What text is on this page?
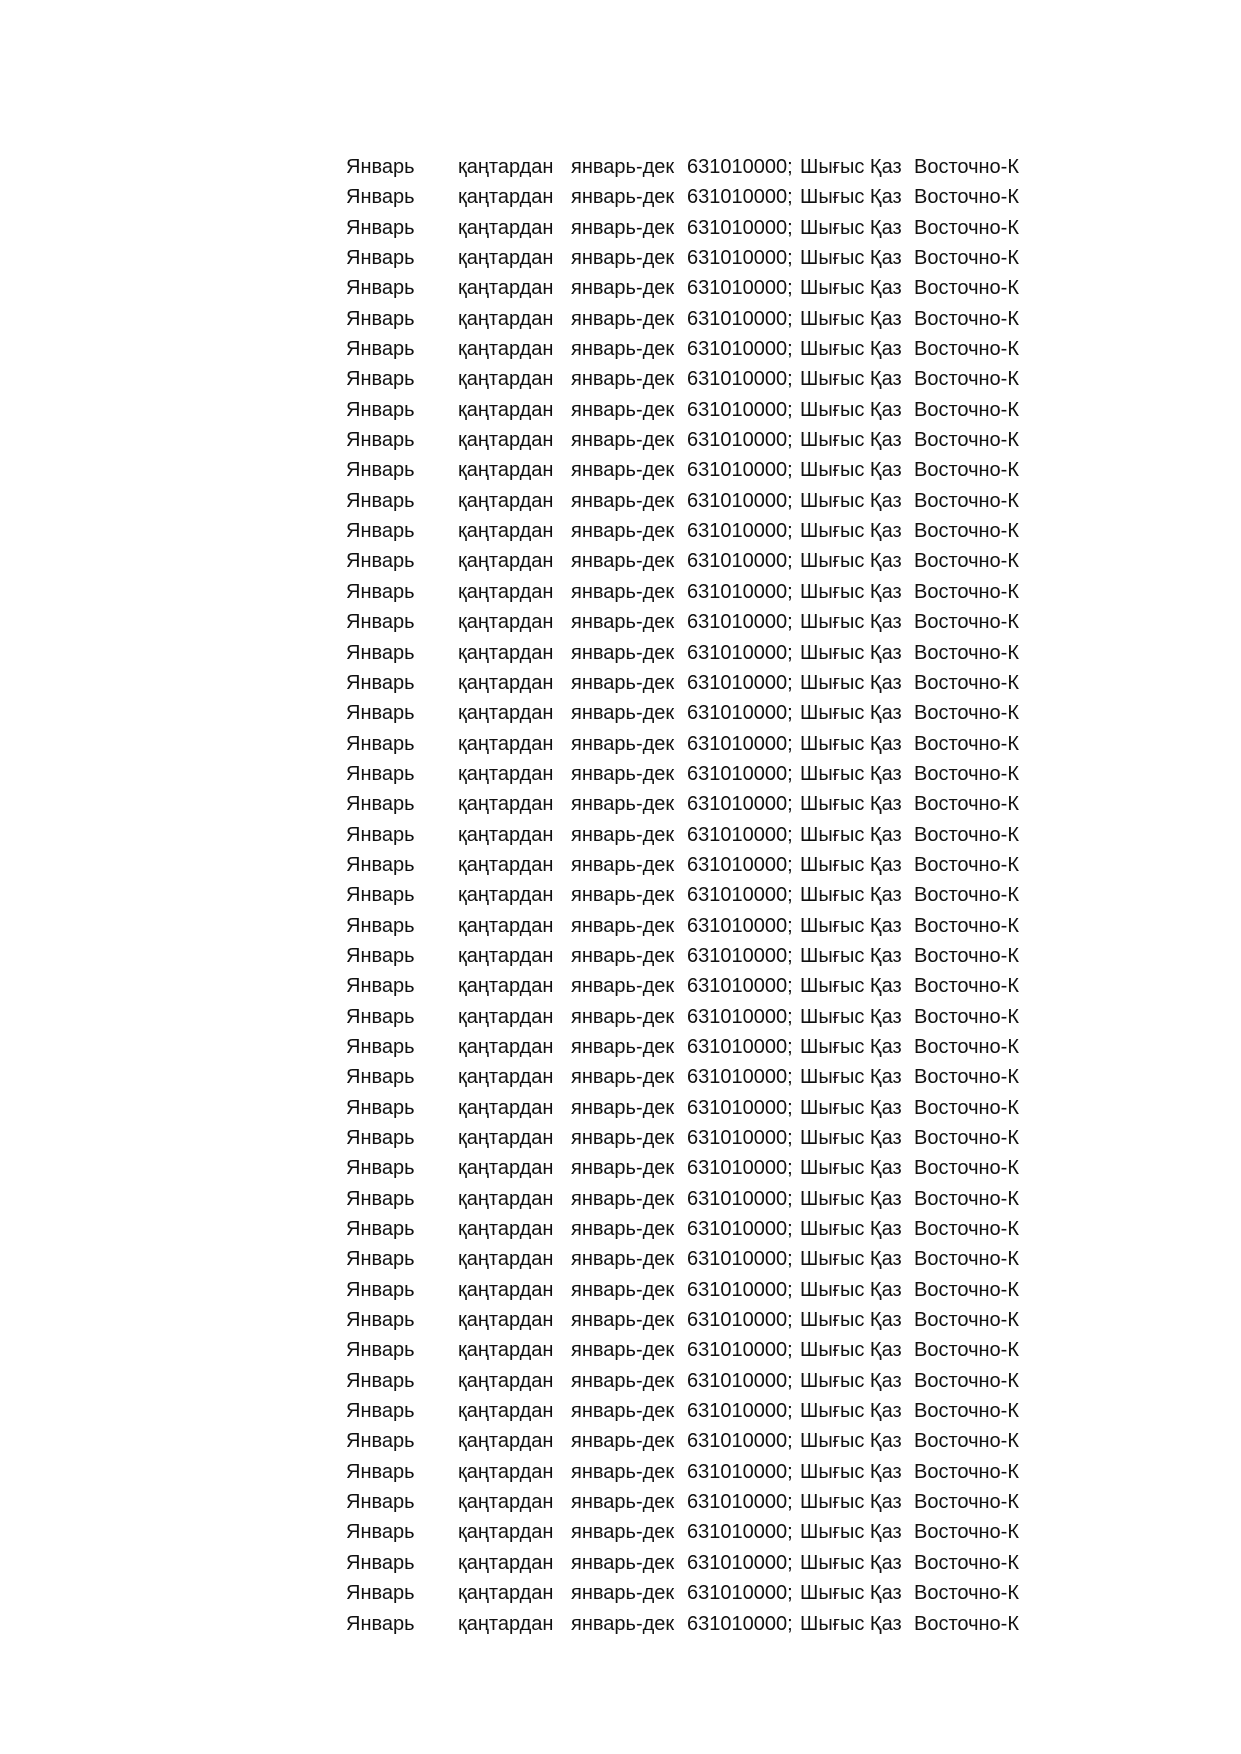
Январь	қаңтардан январь-дек 631010000; Шығыс Қаз Восточно-К
Январь	қаңтардан январь-дек 631010000; Шығыс Қаз Восточно-К
Январь	қаңтардан январь-дек 631010000; Шығыс Қаз Восточно-К
Январь	қаңтардан январь-дек 631010000; Шығыс Қаз Восточно-К
Январь	қаңтардан январь-дек 631010000; Шығыс Қаз Восточно-К
Январь	қаңтардан январь-дек 631010000; Шығыс Қаз Восточно-К
Январь	қаңтардан январь-дек 631010000; Шығыс Қаз Восточно-К
Январь	қаңтардан январь-дек 631010000; Шығыс Қаз Восточно-К
Январь	қаңтардан январь-дек 631010000; Шығыс Қаз Восточно-К
Январь	қаңтардан январь-дек 631010000; Шығыс Қаз Восточно-К
Январь	қаңтардан январь-дек 631010000; Шығыс Қаз Восточно-К
Январь	қаңтардан январь-дек 631010000; Шығыс Қаз Восточно-К
Январь	қаңтардан январь-дек 631010000; Шығыс Қаз Восточно-К
Январь	қаңтардан январь-дек 631010000; Шығыс Қаз Восточно-К
Январь	қаңтардан январь-дек 631010000; Шығыс Қаз Восточно-К
Январь	қаңтардан январь-дек 631010000; Шығыс Қаз Восточно-К
Январь	қаңтардан январь-дек 631010000; Шығыс Қаз Восточно-К
Январь	қаңтардан январь-дек 631010000; Шығыс Қаз Восточно-К
Январь	қаңтардан январь-дек 631010000; Шығыс Қаз Восточно-К
Январь	қаңтардан январь-дек 631010000; Шығыс Қаз Восточно-К
Январь	қаңтардан январь-дек 631010000; Шығыс Қаз Восточно-К
Январь	қаңтардан январь-дек 631010000; Шығыс Қаз Восточно-К
Январь	қаңтардан январь-дек 631010000; Шығыс Қаз Восточно-К
Январь	қаңтардан январь-дек 631010000; Шығыс Қаз Восточно-К
Январь	қаңтардан январь-дек 631010000; Шығыс Қаз Восточно-К
Январь	қаңтардан январь-дек 631010000; Шығыс Қаз Восточно-К
Январь	қаңтардан январь-дек 631010000; Шығыс Қаз Восточно-К
Январь	қаңтардан январь-дек 631010000; Шығыс Қаз Восточно-К
Январь	қаңтардан январь-дек 631010000; Шығыс Қаз Восточно-К
Январь	қаңтардан январь-дек 631010000; Шығыс Қаз Восточно-К
Январь	қаңтардан январь-дек 631010000; Шығыс Қаз Восточно-К
Январь	қаңтардан январь-дек 631010000; Шығыс Қаз Восточно-К
Январь	қаңтардан январь-дек 631010000; Шығыс Қаз Восточно-К
Январь	қаңтардан январь-дек 631010000; Шығыс Қаз Восточно-К
Январь	қаңтардан январь-дек 631010000; Шығыс Қаз Восточно-К
Январь	қаңтардан январь-дек 631010000; Шығыс Қаз Восточно-К
Январь	қаңтардан январь-дек 631010000; Шығыс Қаз Восточно-К
Январь	қаңтардан январь-дек 631010000; Шығыс Қаз Восточно-К
Январь	қаңтардан январь-дек 631010000; Шығыс Қаз Восточно-К
Январь	қаңтардан январь-дек 631010000; Шығыс Қаз Восточно-К
Январь	қаңтардан январь-дек 631010000; Шығыс Қаз Восточно-К
Январь	қаңтардан январь-дек 631010000; Шығыс Қаз Восточно-К
Январь	қаңтардан январь-дек 631010000; Шығыс Қаз Восточно-К
Январь	қаңтардан январь-дек 631010000; Шығыс Қаз Восточно-К
Январь	қаңтардан январь-дек 631010000; Шығыс Қаз Восточно-К
Январь	қаңтардан январь-дек 631010000; Шығыс Қаз Восточно-К
Январь	қаңтардан январь-дек 631010000; Шығыс Қаз Восточно-К
Январь	қаңтардан январь-дек 631010000; Шығыс Қаз Восточно-К
Январь	қаңтардан январь-дек 631010000; Шығыс Қаз Восточно-К
